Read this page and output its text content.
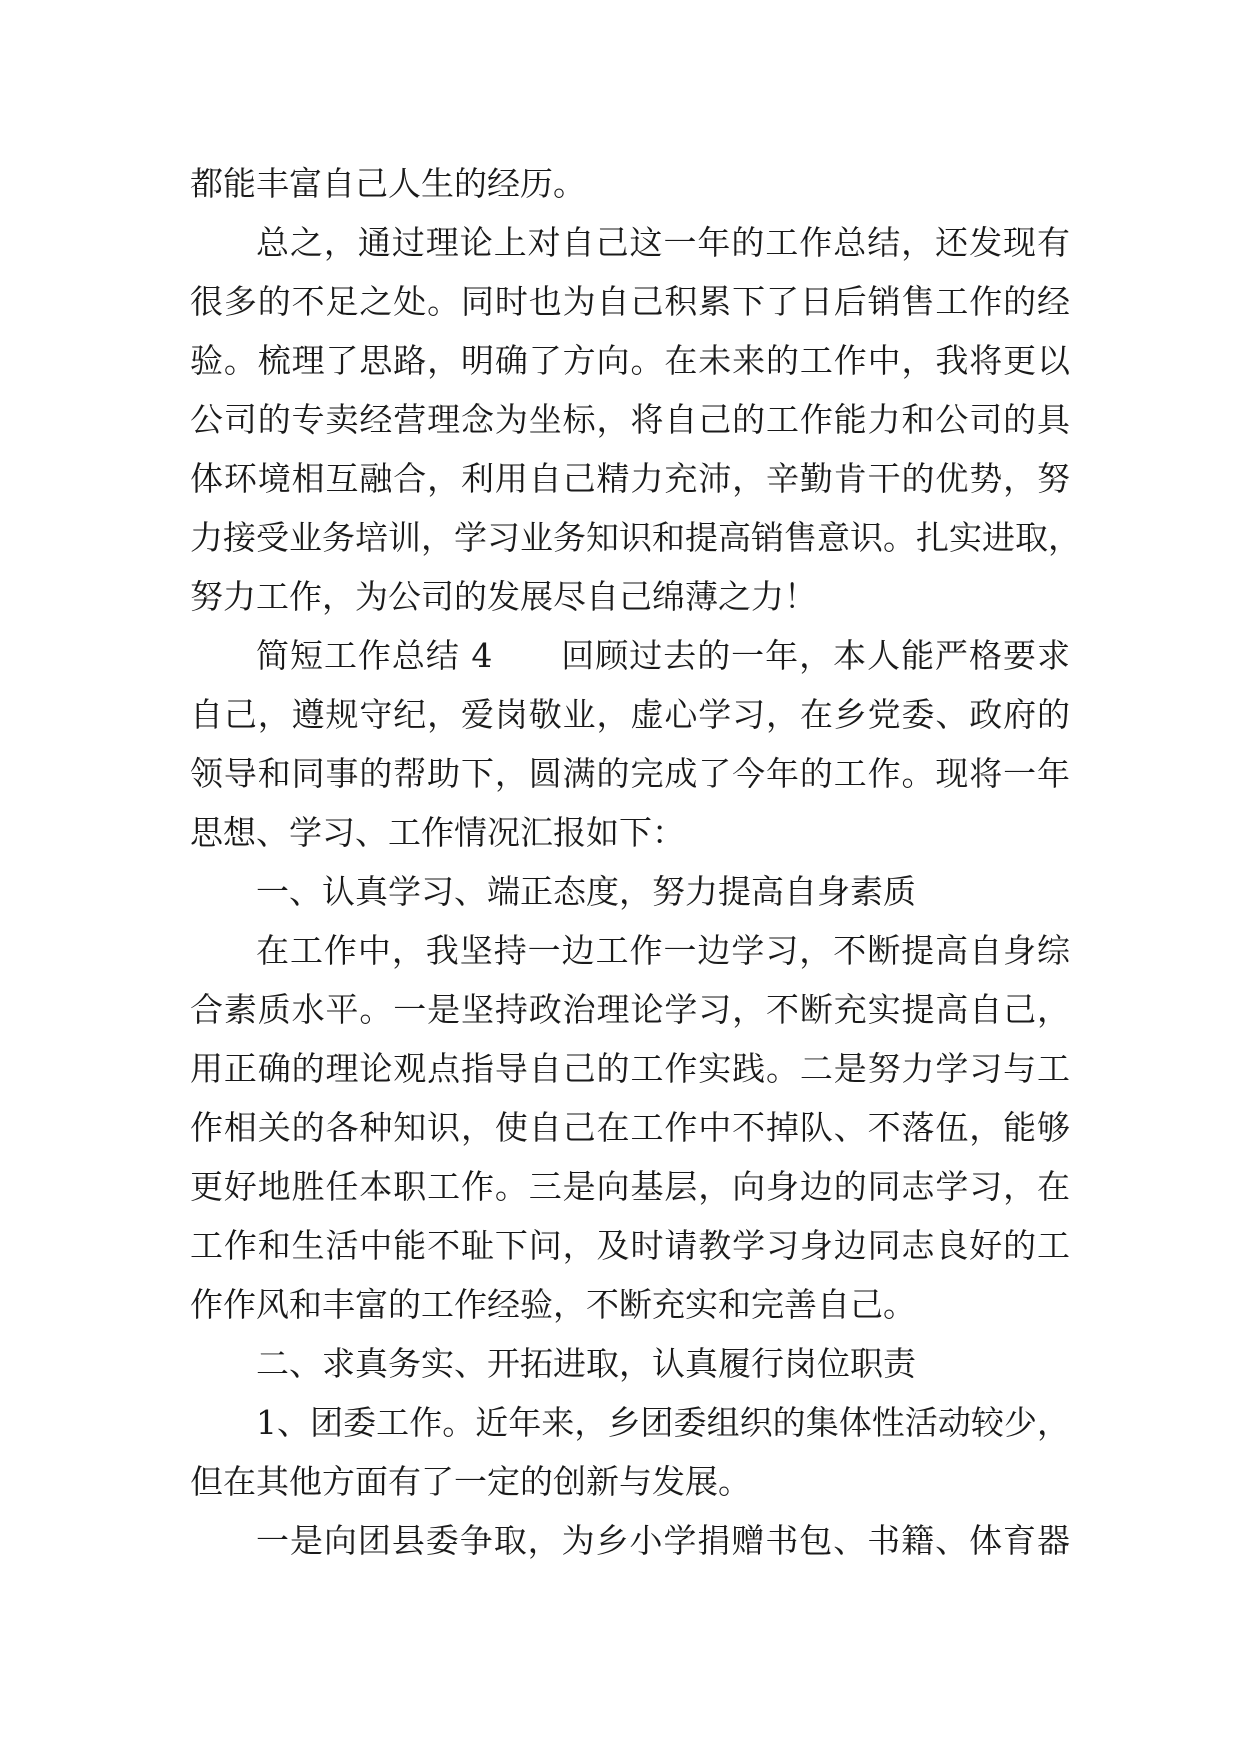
都能丰富自己人生的经历。
总之，通过理论上对自己这一年的工作总结，还发现有
很多的不足之处。同时也为自己积累下了日后销售工作的经
验。梳理了思路，明确了方向。在未来的工作中，我将更以
公司的专卖经营理念为坐标，将自己的工作能力和公司的具
体环境相互融合，利用自己精力充沛，辛勤肯干的优势，努
力接受业务培训，学习业务知识和提高销售意识。扎实进取，
努力工作，为公司的发展尽自己绵薄之力！
简短工作总结 4　　回顾过去的一年，本人能严格要求
自己，遵规守纪，爱岗敬业，虚心学习，在乡党委、政府的
领导和同事的帮助下，圆满的完成了今年的工作。现将一年
思想、学习、工作情况汇报如下：
一、认真学习、端正态度，努力提高自身素质
在工作中，我坚持一边工作一边学习，不断提高自身综
合素质水平。一是坚持政治理论学习，不断充实提高自己，
用正确的理论观点指导自己的工作实践。二是努力学习与工
作相关的各种知识，使自己在工作中不掉队、不落伍，能够
更好地胜任本职工作。三是向基层，向身边的同志学习，在
工作和生活中能不耻下问，及时请教学习身边同志良好的工
作作风和丰富的工作经验，不断充实和完善自己。
二、求真务实、开拓进取，认真履行岗位职责
1、团委工作。近年来，乡团委组织的集体性活动较少，
但在其他方面有了一定的创新与发展。
一是向团县委争取，为乡小学捐赠书包、书籍、体育器
